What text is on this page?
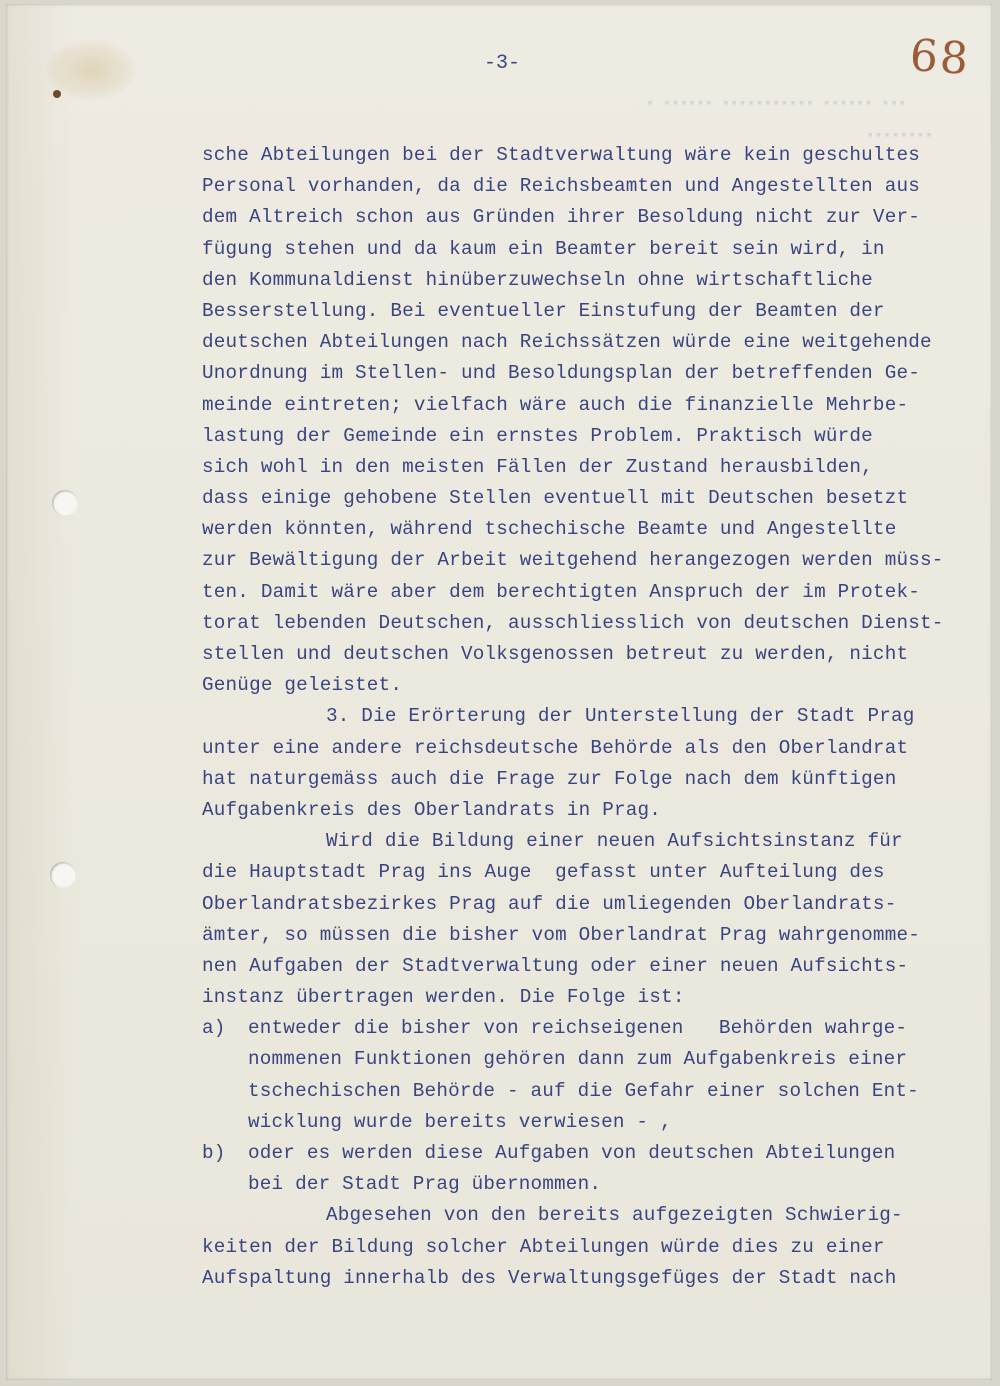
▪ ▪▪▪▪▪▪ ▪▪▪▪▪▪▪▪▪▪▪ ▪▪▪▪▪▪ ▪▪▪
▪▪▪▪▪▪▪▪
-3-	68
sche Abteilungen bei der Stadtverwaltung wäre kein geschultes
Personal vorhanden, da die Reichsbeamten und Angestellten aus
dem Altreich schon aus Gründen ihrer Besoldung nicht zur Ver-
fügung stehen und da kaum ein Beamter bereit sein wird, in
den Kommunaldienst hinüberzuwechseln ohne wirtschaftliche
Besserstellung. Bei eventueller Einstufung der Beamten der
deutschen Abteilungen nach Reichssätzen würde eine weitgehende
Unordnung im Stellen- und Besoldungsplan der betreffenden Ge-
meinde eintreten; vielfach wäre auch die finanzielle Mehrbe-
lastung der Gemeinde ein ernstes Problem. Praktisch würde
sich wohl in den meisten Fällen der Zustand herausbilden,
dass einige gehobene Stellen eventuell mit Deutschen besetzt
werden könnten, während tschechische Beamte und Angestellte
zur Bewältigung der Arbeit weitgehend herangezogen werden müss-
ten. Damit wäre aber dem berechtigten Anspruch der im Protek-
torat lebenden Deutschen, ausschliesslich von deutschen Dienst-
stellen und deutschen Volksgenossen betreut zu werden, nicht
Genüge geleistet.
3. Die Erörterung der Unterstellung der Stadt Prag
unter eine andere reichsdeutsche Behörde als den Oberlandrat
hat naturgemäss auch die Frage zur Folge nach dem künftigen
Aufgabenkreis des Oberlandrats in Prag.
Wird die Bildung einer neuen Aufsichtsinstanz für
die Hauptstadt Prag ins Auge  gefasst unter Aufteilung des
Oberlandratsbezirkes Prag auf die umliegenden Oberlandrats-
ämter, so müssen die bisher vom Oberlandrat Prag wahrgenomme-
nen Aufgaben der Stadtverwaltung oder einer neuen Aufsichts-
instanz übertragen werden. Die Folge ist:
a)	entweder die bisher von reichseigenen   Behörden wahrge-
nommenen Funktionen gehören dann zum Aufgabenkreis einer
tschechischen Behörde - auf die Gefahr einer solchen Ent-
wicklung wurde bereits verwiesen - ,
b)	oder es werden diese Aufgaben von deutschen Abteilungen
bei der Stadt Prag übernommen.
Abgesehen von den bereits aufgezeigten Schwierig-
keiten der Bildung solcher Abteilungen würde dies zu einer
Aufspaltung innerhalb des Verwaltungsgefüges der Stadt nach
